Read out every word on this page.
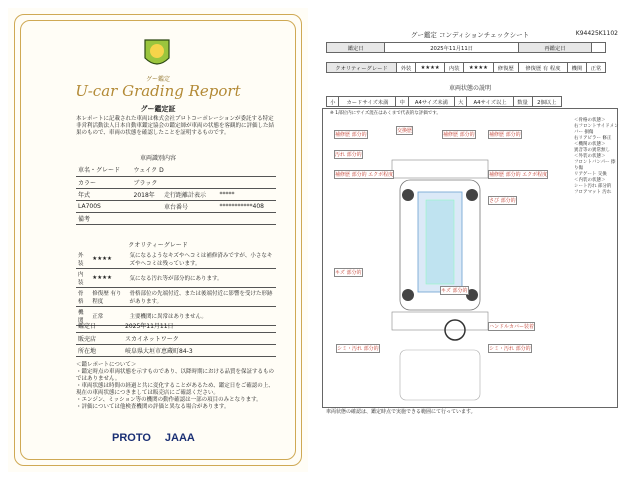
グー鑑定
U-car Grading Report
グー鑑定証
本レポートに記載された車両は株式会社プロトコーポレーションが委託する特定非営利活動法人日本自動車鑑定協会の鑑定師が車両の状態を客観的に評価した結果のもので、車両の状態を確認したことを証明するものです。
車両識別内容
車名・グレード	ウェイク D		
カラー	ブラック		
年式	2018年	走行距離計表示	*****
LA700S		車台番号	***********408
備考			
クオリティーグレード
外 装	★★★★	気になるようなキズやヘコミは補修済みですが、小さなキズやヘコミは残っています。
内 装	★★★★	気になる汚れ等が部分的にあります。
骨 格	修復歴 有り程度	骨格部位の先端付近、または後端付近に影響を受けた形跡があります。
機 関	正常	主要機関に異常はありません。
鑑定日	2025年11月11日
販売店	スカイネットワーク
所在地	岐阜県大垣市恵蔵町84-3
＜鑑レポートについて＞
・鑑定時点の車両状態を示すものであり、以降時期における品質を保証するものではありません。
・車両状態は時間の経過と共に変化することがあるため、鑑定日をご確認の上、現在の車両状態につきましては販売店にご確認ください。
・エンジン、ミッション等の機関の動作確認は一部の項目のみとなります。
・評価については他検査機関の評価と異なる場合があります。
PROTO JAAA
グー鑑定 コンディションチェックシート	K94425K1102
鑑定日	2025年11月11日	再鑑定日	
クオリティーグレード	外装	★★★★	内装	★★★★	修復歴	修復歴 有 程度	機関	正常
車両状態の説明
小	カードサイズ未満	中	A4サイズ未満	大	A4サイズ以上	数量	2個以上
※ 1部位内にサイズ混在はあくまで代表的な評価です。
補修歴 部分的
交換歴
補修歴 部分的	補修歴 部分的
補修歴 部分的 エクボ程度	補修歴 部分的 エクボ程度
汚れ 部分的
さび 部分的
キズ 部分的
キズ 部分的
ハンドルカバー装着
シミ・汚れ 部分的	シミ・汚れ 部分的
＜骨格の状態＞
右フロントサイドメンバー 損傷
右リアピラー 修正
＜機関の状態＞
異音等の異常無し
＜外装の状態＞
フロントバンパー 擦り傷
リアゲート 交換
＜内装の状態＞
シート汚れ 部分的
フロアマット 汚れ
車両状態の確認は、鑑定時点で実施できる範囲にて行っています。
